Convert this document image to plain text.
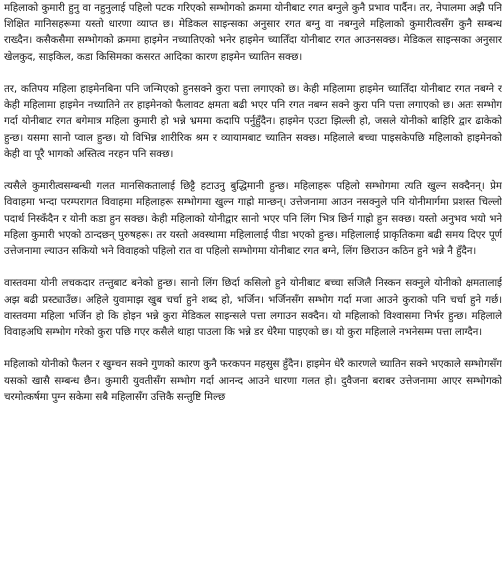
महिलाको कुमारी हुनु वा नहुनुलाई पहिलो पटक गरिएको सम्भोगको क्रममा योनीबाट रगत बग्नुले कुनै प्रभाव पार्दैन। तर, नेपालमा अझै पनि शिक्षित मानिसहरूमा यस्तो धारणा व्याप्त छ। मेडिकल साइन्सका अनुसार रगत बग्नु वा नबग्नुले महिलाको कुमारीत्वसँग कुनै सम्बन्ध राख्दैन। कसैकसैमा सम्भोगको क्रममा हाइमेन नच्यातिएको भनेर हाइमेन च्यातिँदा योनीबाट रगत आउनसक्छ। मेडिकल साइन्सका अनुसार खेलकुद, साइकिल, कडा किसिमका कसरत आदिका कारण हाइमेन च्यातिन सक्छ।

तर, कतिपय महिला हाइमेनबिना पनि जन्मिएको हुनसक्ने कुरा पत्ता लगाएको छ। केही महिलामा हाइमेन च्यातिँदा योनीबाट रगत नबग्ने र केही महिलामा हाइमेन नच्यातिने तर हाइमेनको फैलावट क्षमता बढी भएर पनि रगत नबग्न सक्ने कुरा पनि पत्ता लगाएको छ। अतः सम्भोग गर्दा योनीबाट रगत बगेमात्र महिला कुमारी हो भन्ने भ्रममा कदापि पर्नुहुँदैन। हाइमेन एउटा झिल्ली हो, जसले योनीको बाहिरि द्वार ढाकेको हुन्छ। यसमा सानो प्वाल हुन्छ। यो विभिन्न शारीरिक श्रम र व्यायामबाट च्यातिन सक्छ। महिलाले बच्चा पाइसकेपछि महिलाको हाइमेनको केही वा पूरै भागको अस्तित्व नरहन पनि सक्छ।

त्यसैले कुमारीत्वसम्बन्धी गलत मानसिकतालाई छिट्टै हटाउनु बुद्धिमानी हुन्छ। महिलाहरू पहिलो सम्भोगमा त्यति खुल्न सक्दैनन्। प्रेम विवाहमा भन्दा परम्परागत विवाहमा महिलाहरू सम्भोगमा खुल्न गाह्रो मान्छन्। उत्तेजनामा आउन नसक्नुले पनि योनीमार्गमा प्रशस्त चिल्लो पदार्थ निस्कँदैन र योनी कडा हुन सक्छ। केही महिलाको योनीद्वार सानो भएर पनि लिंग भित्र छिर्न गाह्रो हुन सक्छ। यस्तो अनुभव भयो भने महिला कुमारी भएको ठान्दछन् पुरुषहरू। तर यस्तो अवस्थामा महिलालाई पीडा भएको हुन्छ। महिलालाई प्राकृतिकमा बढी समय दिएर पूर्ण उत्तेजनामा ल्याउन सकियो भने विवाहको पहिलो रात वा पहिलो सम्भोगमा योनीबाट रगत बग्ने, लिंग छिराउन कठिन हुने भन्ने नै हुँदैन।

वास्तवमा योनी लचकदार तन्तुबाट बनेको हुन्छ। सानो लिंग छिर्दा कसिलो हुने योनीबाट बच्चा सजिलै निस्कन सक्नुले योनीको क्षमतालाई अझ बढी प्रस्ट्याउँछ। अहिले युवामाझ खुब चर्चा हुने शब्द हो, भर्जिन। भर्जिनसँग सम्भोग गर्दा मजा आउने कुराको पनि चर्चा हुने गर्छ। वास्तवमा महिला भर्जिन हो कि होइन भन्ने कुरा मेडिकल साइन्सले पत्ता लगाउन सक्दैन। यो महिलाको विश्वासमा निर्भर हुन्छ। महिलाले विवाहअघि सम्भोग गरेको कुरा पछि गएर कसैले थाहा पाउला कि भन्ने डर धेरैमा पाइएको छ। यो कुरा महिलाले नभनेसम्म पत्ता लाग्दैन।

महिलाको योनीको फैलन र खुम्चन सक्ने गुणको कारण कुनै फरकपन महसुस हुँदैन। हाइमेन धेरै कारणले च्यातिन सक्ने भएकाले सम्भोगसँग यसको खासै सम्बन्ध छैन। कुमारी युवतीसँग सम्भोग गर्दा आनन्द आउने धारणा गलत हो। दुवैजना बराबर उत्तेजनामा आएर सम्भोगको चरमोत्कर्षमा पुग्न सकेमा सबै महिलासँग उत्तिकै सन्तुष्टि मिल्छ
